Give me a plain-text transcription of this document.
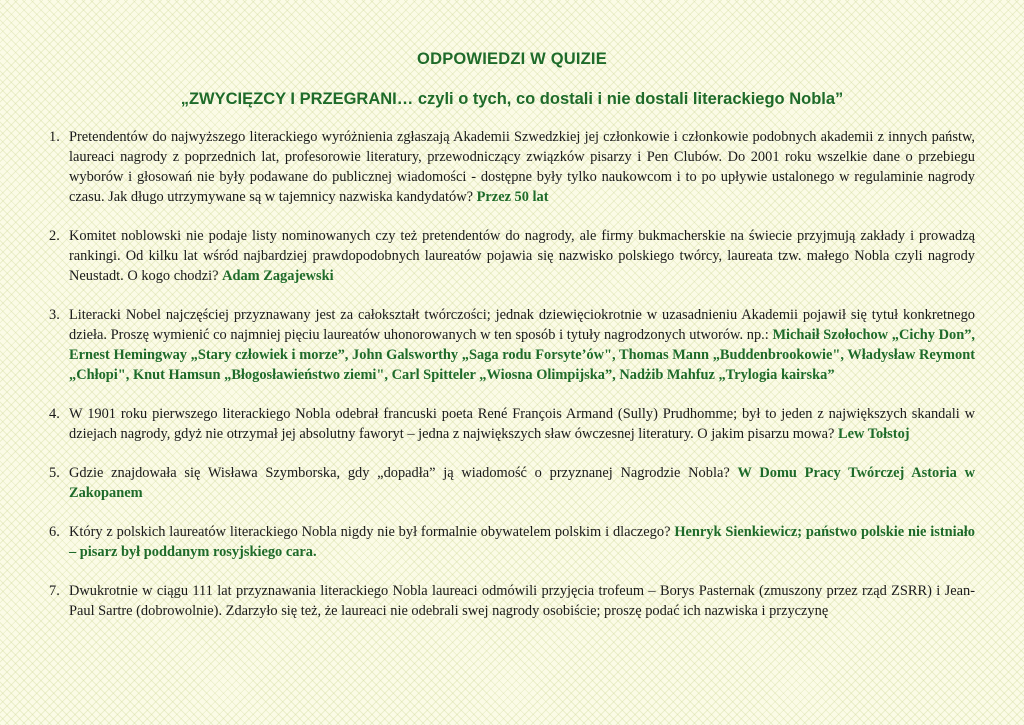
ODPOWIEDZI W QUIZIE
„ZWYCIĘZCY I PRZEGRANI… czyli o tych, co dostali i nie dostali literackiego Nobla”
1. Pretendentów do najwyższego literackiego wyróżnienia zgłaszają Akademii Szwedzkiej jej członkowie i członkowie podobnych akademii z innych państw, laureaci nagrody z poprzednich lat, profesorowie literatury, przewodniczący związków pisarzy i Pen Clubów. Do 2001 roku wszelkie dane o przebiegu wyborów i głosowań nie były podawane do publicznej wiadomości - dostępne były tylko naukowcom i to po upływie ustalonego w regulaminie nagrody czasu. Jak długo utrzymywane są w tajemnicy nazwiska kandydatów? Przez 50 lat
2. Komitet noblowski nie podaje listy nominowanych czy też pretendentów do nagrody, ale firmy bukmacherskie na świecie przyjmują zakłady i prowadzą rankingi. Od kilku lat wśród najbardziej prawdopodobnych laureatów pojawia się nazwisko polskiego twórcy, laureata tzw. małego Nobla czyli nagrody Neustadt. O kogo chodzi? Adam Zagajewski
3. Literacki Nobel najczęściej przyznawany jest za całokształt twórczości; jednak dziewięciokrotnie w uzasadnieniu Akademii pojawił się tytuł konkretnego dzieła. Proszę wymienić co najmniej pięciu laureatów uhonorowanych w ten sposób i tytuły nagrodzonych utworów. np.: Michaił Szołochow „Cichy Don”, Ernest Hemingway „Stary człowiek i morze”, John Galsworthy „Saga rodu Forsyte’ów", Thomas Mann „Buddenbrookowie", Władysław Reymont „Chłopi", Knut Hamsun „Błogosławieństwo ziemi", Carl Spitteler „Wiosna Olimpijska”, Nadżib Mahfuz „Trylogia kairska”
4. W 1901 roku pierwszego literackiego Nobla odebrał francuski poeta René François Armand (Sully) Prudhomme; był to jeden z największych skandali w dziejach nagrody, gdyż nie otrzymał jej absolutny faworyt – jedna z największych sław ówczesnej literatury. O jakim pisarzu mowa? Lew Tołstoj
5. Gdzie znajdowała się Wisława Szymborska, gdy „dopadła” ją wiadomość o przyznanej Nagrodzie Nobla? W Domu Pracy Twórczej Astoria w Zakopanem
6. Który z polskich laureatów literackiego Nobla nigdy nie był formalnie obywatelem polskim i dlaczego? Henryk Sienkiewicz; państwo polskie nie istniało – pisarz był poddanym rosyjskiego cara.
7. Dwukrotnie w ciągu 111 lat przyznawania literackiego Nobla laureaci odmówili przyjęcia trofeum – Borys Pasternak (zmuszony przez rząd ZSRR) i Jean-Paul Sartre (dobrowolnie). Zdarzyło się też, że laureaci nie odebrali swej nagrody osobiście; proszę podać ich nazwiska i przyczynę
